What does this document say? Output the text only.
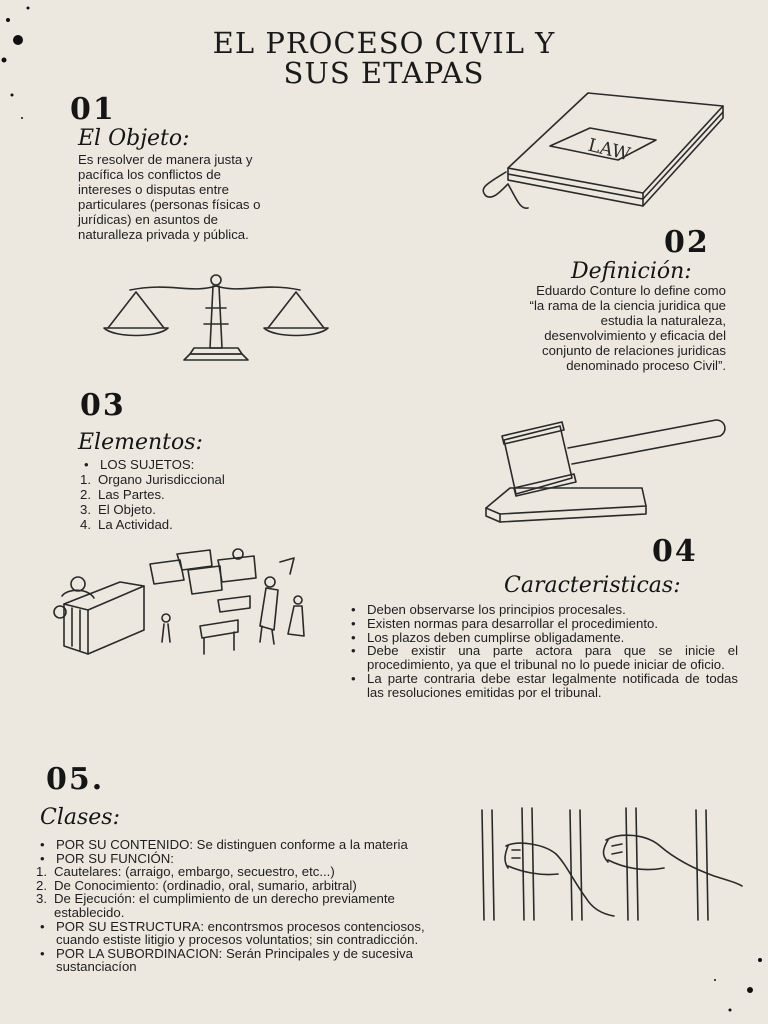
EL PROCESO CIVIL Y
SUS ETAPAS
01
El Objeto:

Es resolver de manera justa y

pacífica los conflictos de

intereses o disputas entre

particulares (personas físicas o

jurídicas) en asuntos de

naturalleza privada y pública.

LAW
02
Definición:

Eduardo Conture lo define como

“la rama de la ciencia juridica que

estudia la naturaleza,

desenvolvimiento y eficacia del

conjunto de relaciones juridicas

denominado proceso Civil”.

03
Elementos:
• LOS SUJETOS:
1. Organo Jurisdiccional
2. Las Partes.
3. El Objeto.
4. La Actividad.
04
Caracteristicas:
• Deben observarse los principios procesales.
• Existen normas para desarrollar el procedimiento.
• Los plazos deben cumplirse obligadamente.
• Debe existir una parte actora para que se inicie el procedimiento, ya que el tribunal no lo puede iniciar de oficio.
• La parte contraria debe estar legalmente notificada de todas las resoluciones emitidas por el tribunal.
05.
Clases:
• POR SU CONTENIDO: Se distinguen conforme a la materia
• POR SU FUNCIÓN:
1. Cautelares: (arraigo, embargo, secuestro, etc...)
2. De Conocimiento: (ordinadio, oral, sumario, arbitral)
3. De Ejecución: el cumplimiento de un derecho previamente establecido.
• POR SU ESTRUCTURA: encontrsmos procesos contenciosos, cuando estiste litigio y procesos voluntatios; sin contradicción.
• POR LA SUBORDINACION: Serán Principales y de sucesiva sustanciacíon
